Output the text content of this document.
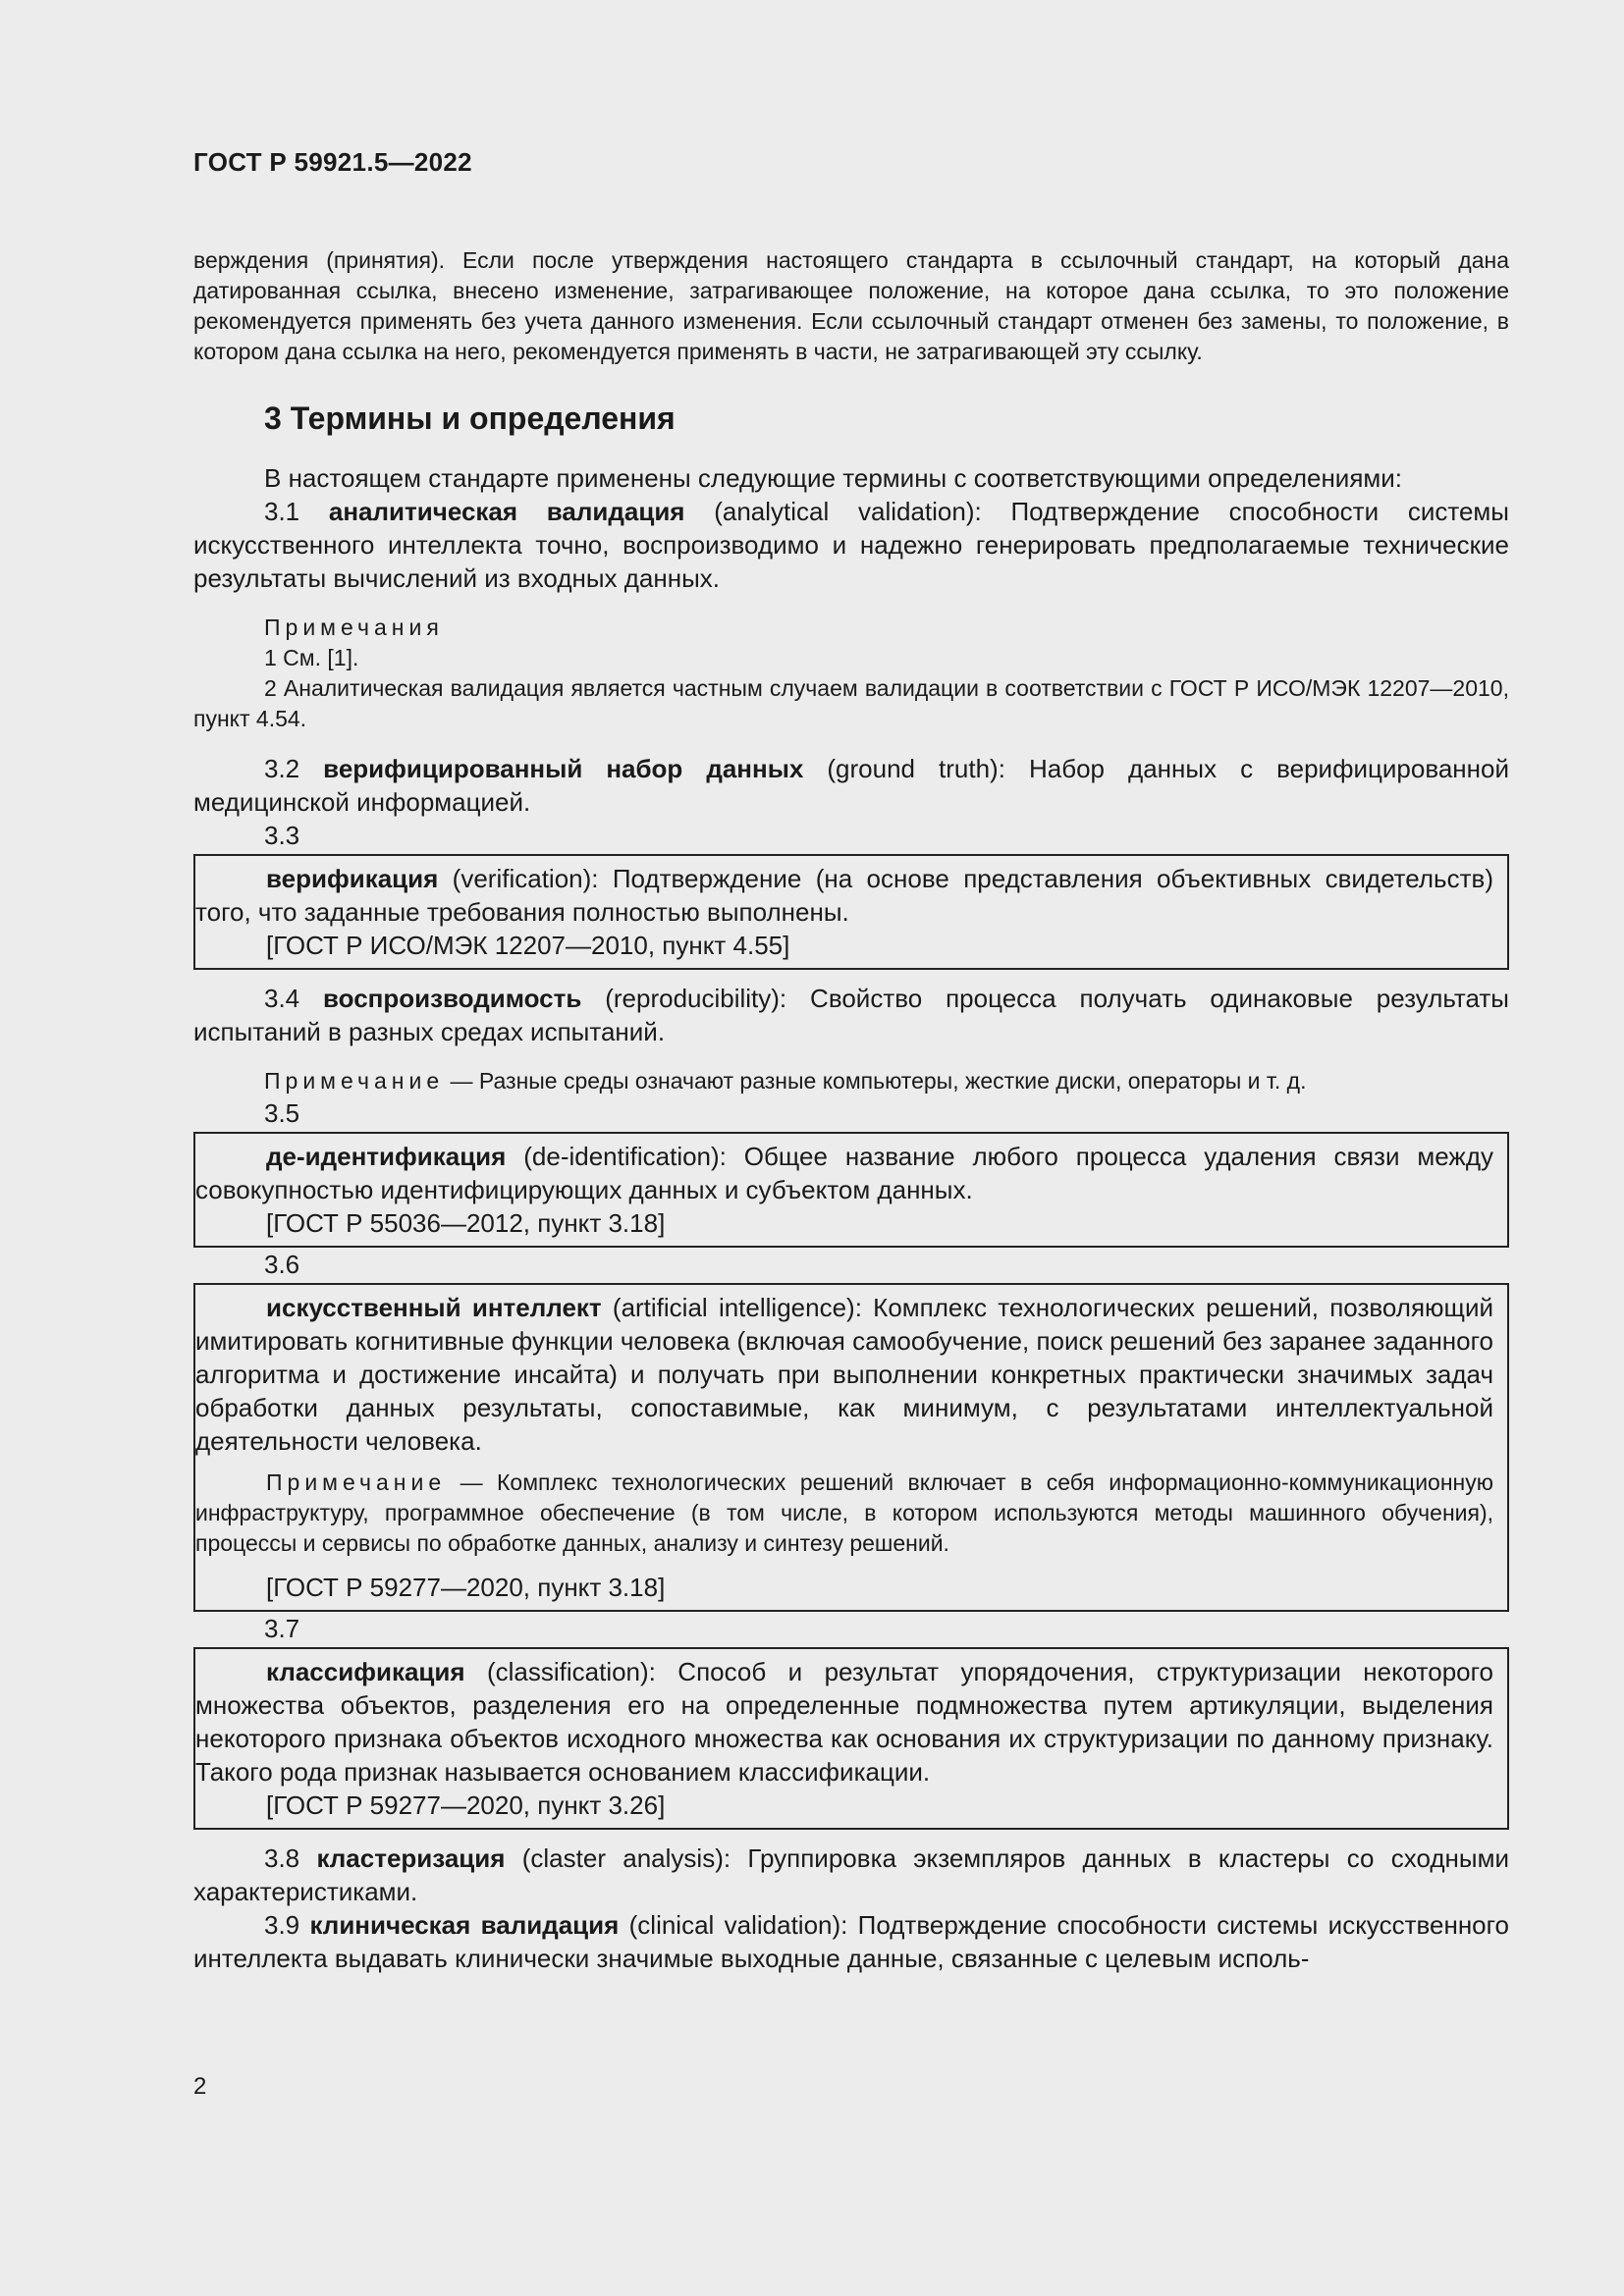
ГОСТ Р 59921.5—2022

верждения (принятия). Если после утверждения настоящего стандарта в ссылочный стандарт, на который дана датированная ссылка, внесено изменение, затрагивающее положение, на которое дана ссылка, то это положение рекомендуется применять без учета данного изменения. Если ссылочный стандарт отменен без замены, то положение, в котором дана ссылка на него, рекомендуется применять в части, не затрагивающей эту ссылку.

3 Термины и определения

В настоящем стандарте применены следующие термины с соответствующими определениями:

3.1 аналитическая валидация (analytical validation): Подтверждение способности системы искусственного интеллекта точно, воспроизводимо и надежно генерировать предполагаемые технические результаты вычислений из входных данных.

Примечания

1 См. [1].

2 Аналитическая валидация является частным случаем валидации в соответствии с ГОСТ Р ИСО/МЭК 12207—2010, пункт 4.54.

3.2 верифицированный набор данных (ground truth): Набор данных с верифицированной медицинской информацией.

3.3

верификация (verification): Подтверждение (на основе представления объективных свидетельств) того, что заданные требования полностью выполнены.

[ГОСТ Р ИСО/МЭК 12207—2010, пункт 4.55]

3.4 воспроизводимость (reproducibility): Свойство процесса получать одинаковые результаты испытаний в разных средах испытаний.

Примечание — Разные среды означают разные компьютеры, жесткие диски, операторы и т. д.

3.5

де-идентификация (de-identification): Общее название любого процесса удаления связи между совокупностью идентифицирующих данных и субъектом данных.

[ГОСТ Р 55036—2012, пункт 3.18]

3.6

искусственный интеллект (artificial intelligence): Комплекс технологических решений, позволяющий имитировать когнитивные функции человека (включая самообучение, поиск решений без заранее заданного алгоритма и достижение инсайта) и получать при выполнении конкретных практически значимых задач обработки данных результаты, сопоставимые, как минимум, с результатами интеллектуальной деятельности человека.

Примечание — Комплекс технологических решений включает в себя информационно-коммуникационную инфраструктуру, программное обеспечение (в том числе, в котором используются методы машинного обучения), процессы и сервисы по обработке данных, анализу и синтезу решений.

[ГОСТ Р 59277—2020, пункт 3.18]

3.7

классификация (classification): Способ и результат упорядочения, структуризации некоторого множества объектов, разделения его на определенные подмножества путем артикуляции, выделения некоторого признака объектов исходного множества как основания их структуризации по данному признаку. Такого рода признак называется основанием классификации.

[ГОСТ Р 59277—2020, пункт 3.26]

3.8 кластеризация (claster analysis): Группировка экземпляров данных в кластеры со сходными характеристиками.

3.9 клиническая валидация (clinical validation): Подтверждение способности системы искусственного интеллекта выдавать клинически значимые выходные данные, связанные с целевым исполь-

2
